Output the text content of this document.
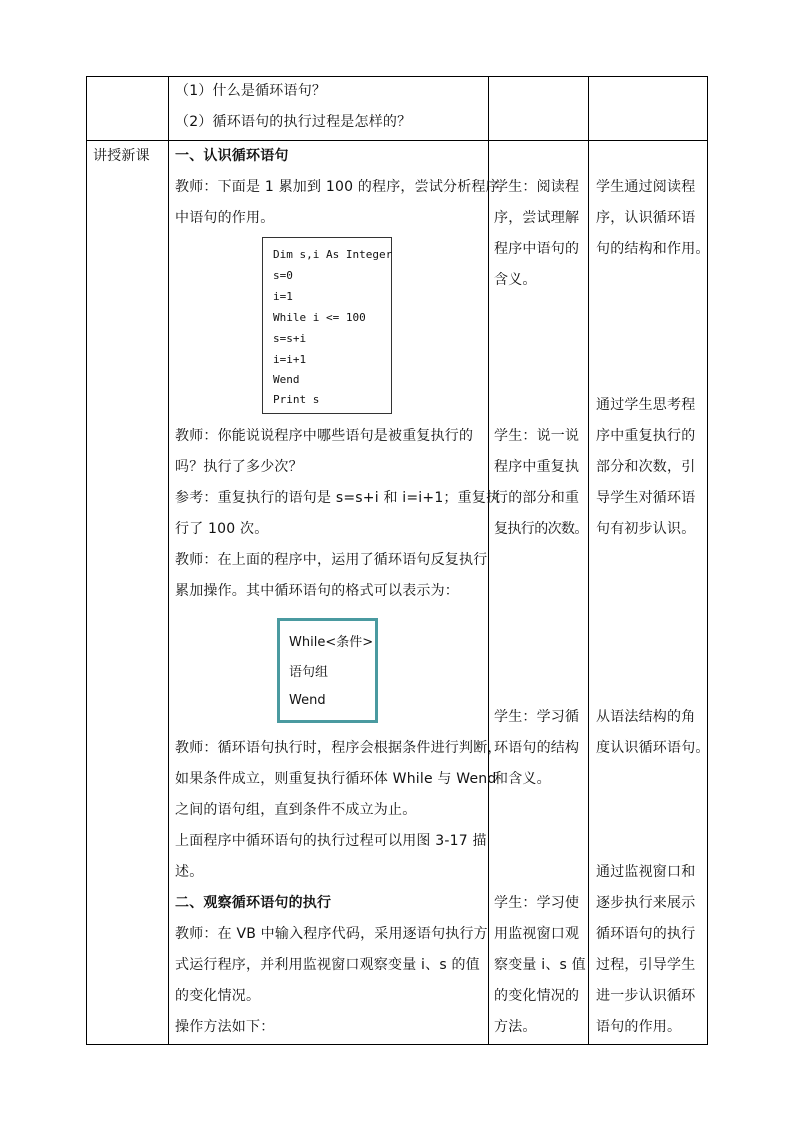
（1）什么是循环语句？
（2）循环语句的执行过程是怎样的？
讲授新课 一、认识循环语句
教师：下面是 1 累加到 100 的程序，尝试分析程序
中语句的作用。
Dim s,i As Integer
s=0
i=1
While i <= 100
s=s+i
i=i+1
Wend
Print s
教师：你能说说程序中哪些语句是被重复执行的
吗？执行了多少次？
参考：重复执行的语句是 s=s+i 和 i=i+1；重复执
行了 100 次。
教师：在上面的程序中，运用了循环语句反复执行
累加操作。其中循环语句的格式可以表示为：
While<条件>
语句组
Wend
教师：循环语句执行时，程序会根据条件进行判断，
如果条件成立，则重复执行循环体 While 与 Wend
之间的语句组，直到条件不成立为止。
上面程序中循环语句的执行过程可以用图 3-17 描
述。
二、观察循环语句的执行
教师：在 VB 中输入程序代码，采用逐语句执行方
式运行程序，并利用监视窗口观察变量 i、s 的值
的变化情况。
操作方法如下：
学生：阅读程
序，尝试理解
程序中语句的
含义。
学生：说一说
程序中重复执
行的部分和重
复执行的次数。
学生：学习循
环语句的结构
和含义。
学生：学习使
用监视窗口观
察变量 i、s 值
的变化情况的
方法。
学生通过阅读程
序，认识循环语
句的结构和作用。
通过学生思考程
序中重复执行的
部分和次数，引
导学生对循环语
句有初步认识。
从语法结构的角
度认识循环语句。
通过监视窗口和
逐步执行来展示
循环语句的执行
过程，引导学生
进一步认识循环
语句的作用。
